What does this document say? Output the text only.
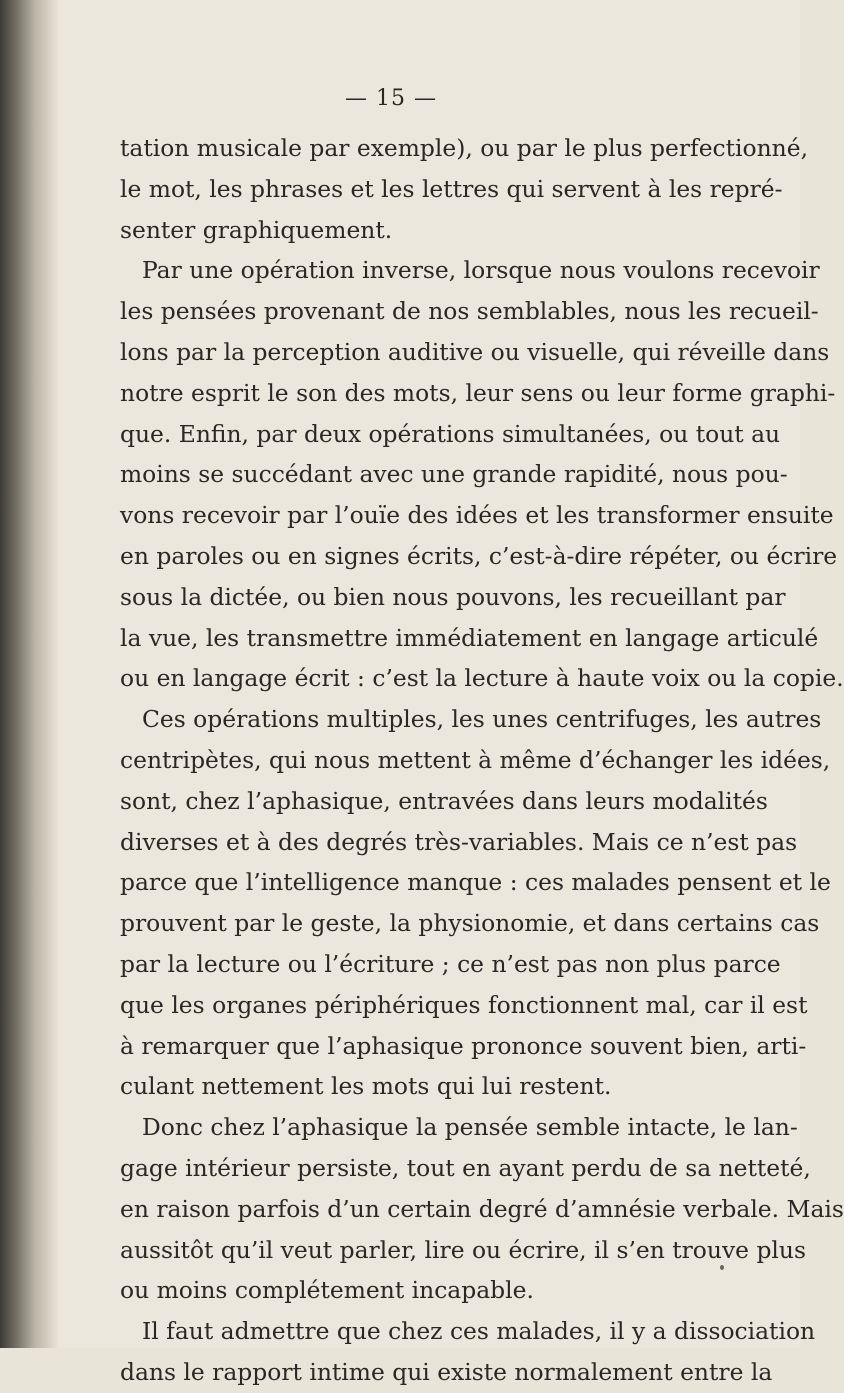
— 15 —
tation musicale par exemple), ou par le plus perfectionné,
le mot, les phrases et les lettres qui servent à les repré-
senter graphiquement.
Par une opération inverse, lorsque nous voulons recevoir
les pensées provenant de nos semblables, nous les recueil-
lons par la perception auditive ou visuelle, qui réveille dans
notre esprit le son des mots, leur sens ou leur forme graphi-
que. Enfin, par deux opérations simultanées, ou tout au
moins se succédant avec une grande rapidité, nous pou-
vons recevoir par l’ouïe des idées et les transformer ensuite
en paroles ou en signes écrits, c’est-à-dire répéter, ou écrire
sous la dictée, ou bien nous pouvons, les recueillant par
la vue, les transmettre immédiatement en langage articulé
ou en langage écrit : c’est la lecture à haute voix ou la copie.
Ces opérations multiples, les unes centrifuges, les autres
centripètes, qui nous mettent à même d’échanger les idées,
sont, chez l’aphasique, entravées dans leurs modalités
diverses et à des degrés très-variables. Mais ce n’est pas
parce que l’intelligence manque : ces malades pensent et le
prouvent par le geste, la physionomie, et dans certains cas
par la lecture ou l’écriture ; ce n’est pas non plus parce
que les organes périphériques fonctionnent mal, car il est
à remarquer que l’aphasique prononce souvent bien, arti-
culant nettement les mots qui lui restent.
Donc chez l’aphasique la pensée semble intacte, le lan-
gage intérieur persiste, tout en ayant perdu de sa netteté,
en raison parfois d’un certain degré d’amnésie verbale. Mais
aussitôt qu’il veut parler, lire ou écrire, il s’en trouve plus
ou moins complétement incapable.
Il faut admettre que chez ces malades, il y a dissociation
dans le rapport intime qui existe normalement entre la
